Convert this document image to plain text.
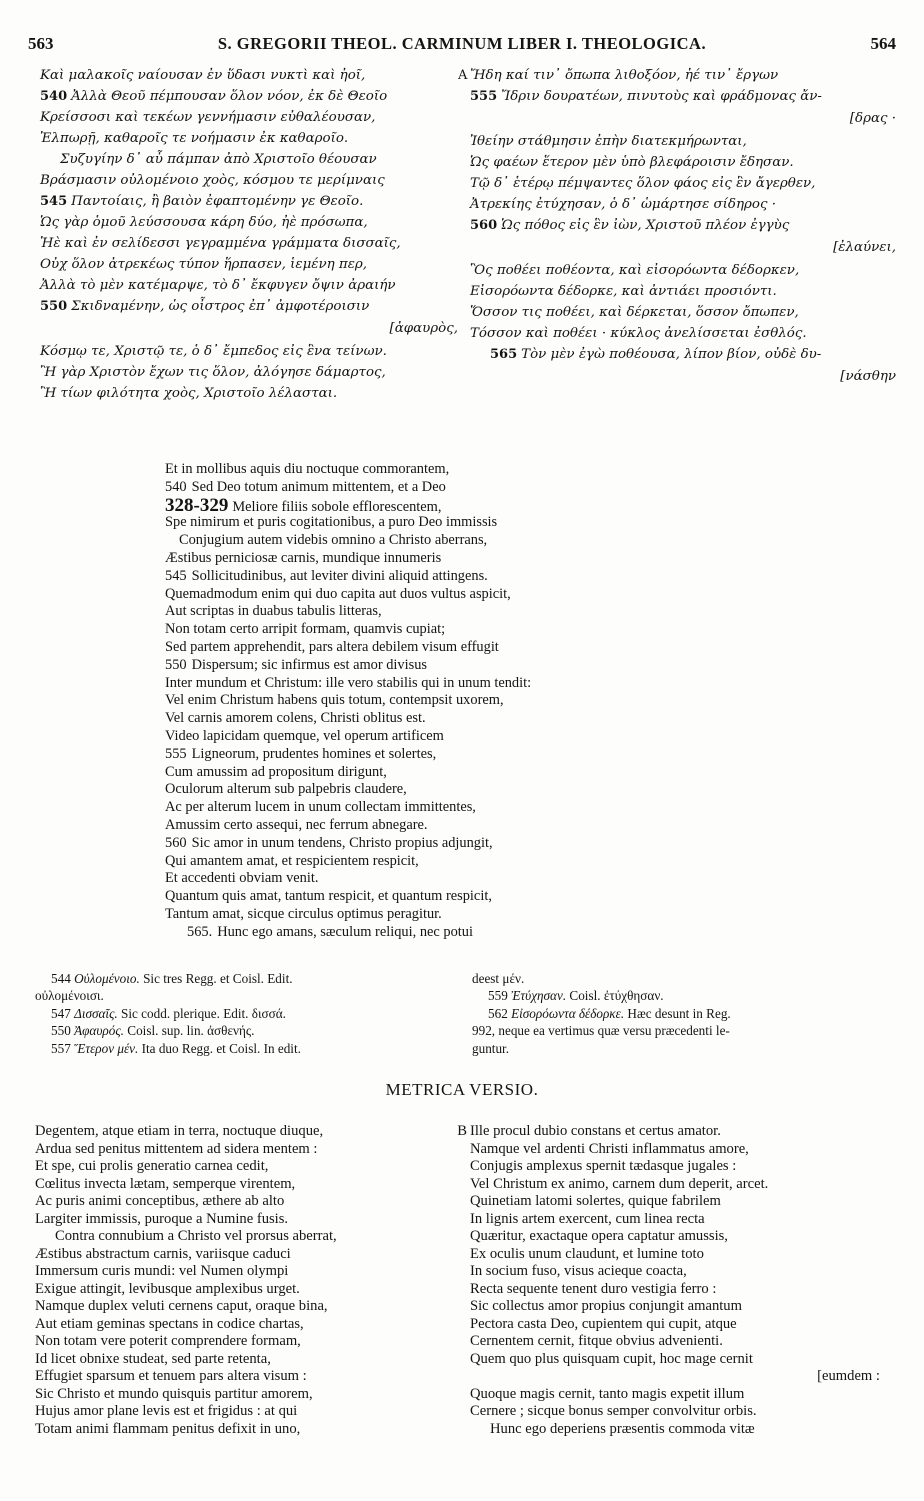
563	S. GREGORII THEOL. CARMINUM LIBER I. THEOLOGICA.	564
Καὶ μαλακοῖς ναίουσαν ἐν ὕδασι νυκτὶ καὶ ἠοῖ,
540 Ἀλλὰ Θεοῦ πέμπουσαν ὅλον νόον, ἐκ δὲ Θεοῖο
Κρείσσοσι καὶ τεκέων γεννήμασιν εὐθαλέουσαν,
Ἐλπωρῇ, καθαροῖς τε νοήμασιν ἐκ καθαροῖο.
Συζυγίην δ᾽ αὖ πάμπαν ἀπὸ Χριστοῖο θέουσαν
Βράσμασιν οὐλομένοιο χοὸς, κόσμου τε μερίμναις
545 Παντοίαις, ἢ βαιὸν ἐφαπτομένην γε Θεοῖο.
Ὡς γὰρ ὁμοῦ λεύσσουσα κάρη δύο, ἠὲ πρόσωπα,
Ἠὲ καὶ ἐν σελίδεσσι γεγραμμένα γράμματα δισσαῖς,
Οὐχ ὅλον ἀτρεκέως τύπον ἥρπασεν, ἱεμένη περ,
Ἀλλὰ τὸ μὲν κατέμαρψε, τὸ δ᾽ ἔκφυγεν ὄψιν ἀραιήν
550 Σκιδναμένην, ὡς οἶστρος ἐπ᾽ ἀμφοτέροισιν
[ἀφαυρὸς,
Κόσμῳ τε, Χριστῷ τε, ὁ δ᾽ ἔμπεδος εἰς ἓνα τείνων.
Ἢ γὰρ Χριστὸν ἔχων τις ὅλον, ἀλόγησε δάμαρτος,
Ἢ τίων φιλότητα χοὸς, Χριστοῖο λέλασται.
A Ἤδη καί τιν᾽ ὄπωπα λιθοξόον, ἠέ τιν᾽ ἔργων
555 Ἴδριν δουρατέων, πινυτοὺς καὶ φράδμονας ἄν-
[δρας ·
Ἰθείην στάθμησιν ἐπὴν διατεκμήρωνται,
Ὡς φαέων ἕτερον μὲν ὑπὸ βλεφάροισιν ἔδησαν.
Τῷ δ᾽ ἑτέρῳ πέμψαντες ὅλον φάος εἰς ἓν ἄγερθεν,
Ἀτρεκίης ἐτύχησαν, ὁ δ᾽ ὡμάρτησε σίδηρος ·
560 Ὡς πόθος εἰς ἓν ἰὼν, Χριστοῦ πλέον ἐγγὺς
[ἐλαύνει,
Ὃς ποθέει ποθέοντα, καὶ εἰσορόωντα δέδορκεν,
Εἰσορόωντα δέδορκε, καὶ ἀντιάει προσιόντι.
Ὅσσον τις ποθέει, καὶ δέρκεται, ὅσσον ὄπωπεν,
Τόσσον καὶ ποθέει · κύκλος ἀνελίσσεται ἐσθλός.
565 Τὸν μὲν ἐγὼ ποθέουσα, λίπον βίον, οὐδὲ δυ-
[νάσθην
Et in mollibus aquis diu noctuque commorantem,
540 Sed Deo totum animum mittentem, et a Deo
328-329 Meliore filiis sobole efflorescentem,
Spe nimirum et puris cogitationibus, a puro Deo immissis
Conjugium autem videbis omnino a Christo aberrans,
Æstibus perniciosæ carnis, mundique innumeris
545 Sollicitudinibus, aut leviter divini aliquid attingens.
Quemadmodum enim qui duo capita aut duos vultus aspicit,
Aut scriptas in duabus tabulis litteras,
Non totam certo arripit formam, quamvis cupiat;
Sed partem apprehendit, pars altera debilem visum effugit
550 Dispersum; sic infirmus est amor divisus
Inter mundum et Christum: ille vero stabilis qui in unum tendit:
Vel enim Christum habens quis totum, contempsit uxorem,
Vel carnis amorem colens, Christi oblitus est.
Video lapicidam quemque, vel operum artificem
555 Ligneorum, prudentes homines et solertes,
Cum amussim ad propositum dirigunt,
Oculorum alterum sub palpebris claudere,
Ac per alterum lucem in unum collectam immittentes,
Amussim certo assequi, nec ferrum abnegare.
560 Sic amor in unum tendens, Christo propius adjungit,
Qui amantem amat, et respicientem respicit,
Et accedenti obviam venit.
Quantum quis amat, tantum respicit, et quantum respicit,
Tantum amat, sicque circulus optimus peragitur.
565. Hunc ego amans, sæculum reliqui, nec potui
544 Οὐλομένοιο. Sic tres Regg. et Coisl. Edit.
οὐλομένοισι.
547 Δισσαῖς. Sic codd. plerique. Edit. δισσά.
550 Ἀφαυρός. Coisl. sup. lin. ἀσθενής.
557 Ἕτερον μέν. Ita duo Regg. et Coisl. In edit.
deest μέν.
559 Ἐτύχησαν. Coisl. ἐτύχθησαν.
562 Εἰσορόωντα δέδορκε. Hæc desunt in Reg.
992, neque ea vertimus quæ versu præcedenti le-
guntur.
METRICA VERSIO.
Degentem, atque etiam in terra, noctuque diuque,	B
Ardua sed penitus mittentem ad sidera mentem :
Et spe, cui prolis generatio carnea cedit,
Cœlitus invecta lætam, semperque virentem,
Ac puris animi conceptibus, æthere ab alto
Largiter immissis, puroque a Numine fusis.
Contra connubium a Christo vel prorsus aberrat,
Æstibus abstractum carnis, variisque caduci
Immersum curis mundi: vel Numen olympi
Exigue attingit, levibusque amplexibus urget.
Namque duplex veluti cernens caput, oraque bina,
Aut etiam geminas spectans in codice chartas,
Non totam vere poterit comprendere formam,
Id licet obnixe studeat, sed parte retenta,
Effugiet sparsum et tenuem pars altera visum :
Sic Christo et mundo quisquis partitur amorem,
Hujus amor plane levis est et frigidus : at qui
Totam animi flammam penitus defixit in uno,
Ille procul dubio constans et certus amator.
Namque vel ardenti Christi inflammatus amore,
Conjugis amplexus spernit tædasque jugales :
Vel Christum ex animo, carnem dum deperit, arcet.
Quinetiam latomi solertes, quique fabrilem
In lignis artem exercent, cum linea recta
Quæritur, exactaque opera captatur amussis,
Ex oculis unum claudunt, et lumine toto
In socium fuso, visus acieque coacta,
Recta sequente tenent duro vestigia ferro :
Sic collectus amor propius conjungit amantum
Pectora casta Deo, cupientem qui cupit, atque
Cernentem cernit, fitque obvius advenienti.
Quem quo plus quisquam cupit, hoc mage cernit
[eumdem :
Quoque magis cernit, tanto magis expetit illum
Cernere ; sicque bonus semper convolvitur orbis.
Hunc ego deperiens præsentis commoda vitæ
